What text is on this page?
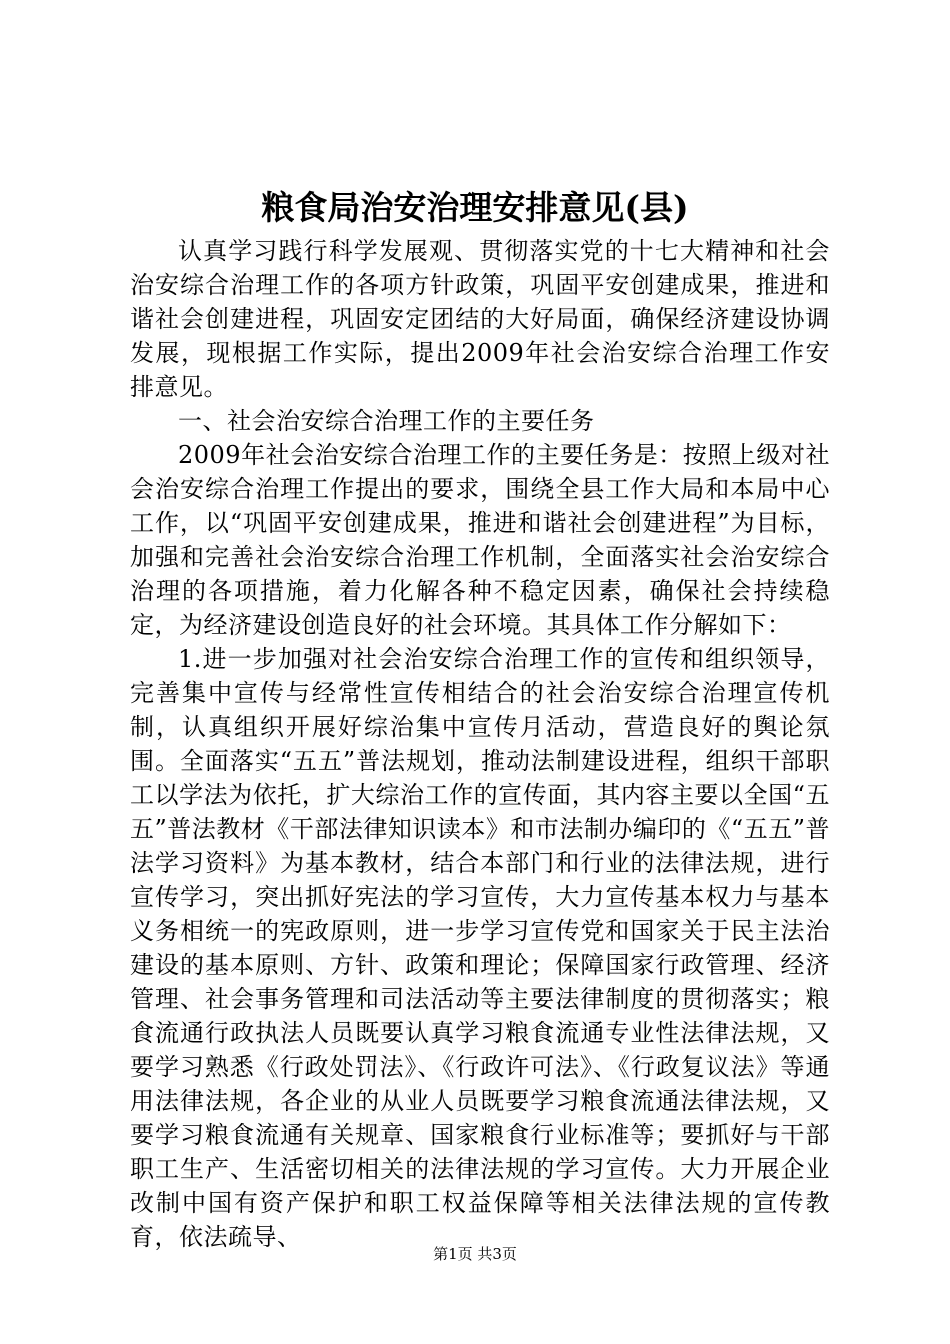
粮食局治安治理安排意见(县)

认真学习践行科学发展观、贯彻落实党的十七大精神和社会治安综合治理工作的各项方针政策，巩固平安创建成果，推进和谐社会创建进程，巩固安定团结的大好局面，确保经济建设协调发展，现根据工作实际，提出2009年社会治安综合治理工作安排意见。

一、社会治安综合治理工作的主要任务

2009年社会治安综合治理工作的主要任务是：按照上级对社会治安综合治理工作提出的要求，围绕全县工作大局和本局中心工作，以“巩固平安创建成果，推进和谐社会创建进程”为目标，加强和完善社会治安综合治理工作机制，全面落实社会治安综合治理的各项措施，着力化解各种不稳定因素，确保社会持续稳定，为经济建设创造良好的社会环境。其具体工作分解如下：

1.进一步加强对社会治安综合治理工作的宣传和组织领导，完善集中宣传与经常性宣传相结合的社会治安综合治理宣传机制，认真组织开展好综治集中宣传月活动，营造良好的舆论氛围。全面落实“五五”普法规划，推动法制建设进程，组织干部职工以学法为依托，扩大综治工作的宣传面，其内容主要以全国“五五”普法教材《干部法律知识读本》和市法制办编印的《“五五”普法学习资料》为基本教材，结合本部门和行业的法律法规，进行宣传学习，突出抓好宪法的学习宣传，大力宣传基本权力与基本义务相统一的宪政原则，进一步学习宣传党和国家关于民主法治建设的基本原则、方针、政策和理论；保障国家行政管理、经济管理、社会事务管理和司法活动等主要法律制度的贯彻落实；粮食流通行政执法人员既要认真学习粮食流通专业性法律法规，又要学习熟悉《行政处罚法》、《行政许可法》、《行政复议法》等通用法律法规，各企业的从业人员既要学习粮食流通法律法规，又要学习粮食流通有关规章、国家粮食行业标准等；要抓好与干部职工生产、生活密切相关的法律法规的学习宣传。大力开展企业改制中国有资产保护和职工权益保障等相关法律法规的宣传教育，依法疏导、

第1页 共3页
